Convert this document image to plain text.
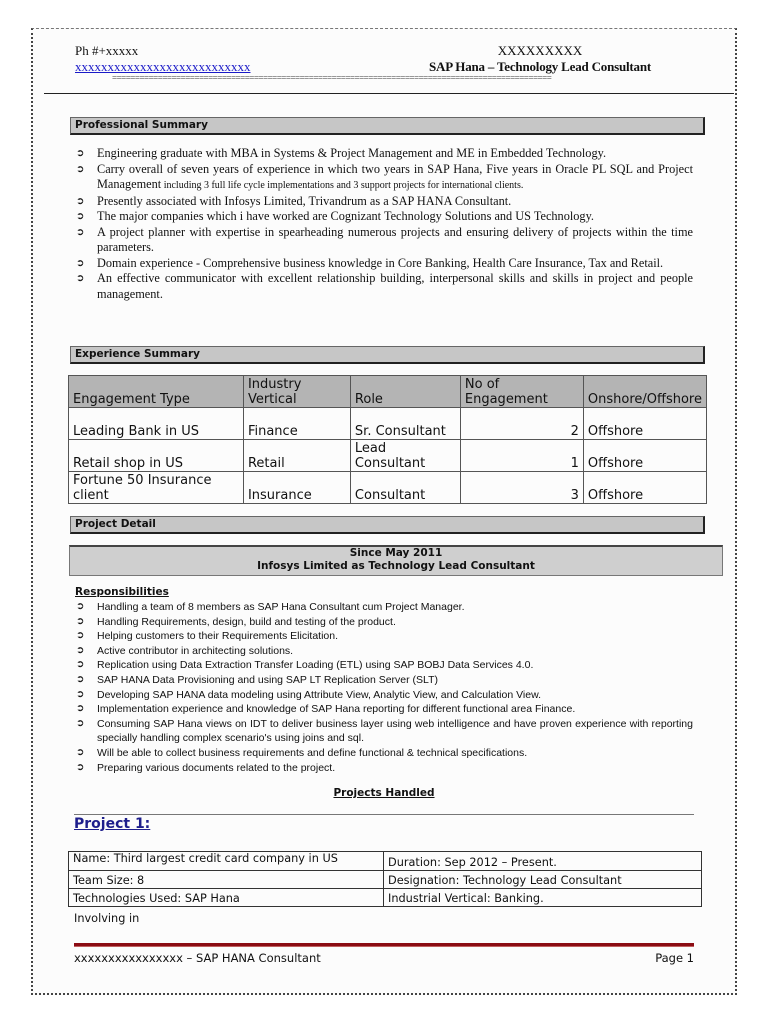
Ph #+xxxxx
xxxxxxxxxxxxxxxxxxxxxxxxxxx
XXXXXXXXX
SAP Hana – Technology Lead Consultant
================================================================================================
Professional Summary
➲ Engineering graduate with MBA in Systems & Project Management and ME in Embedded Technology.
➲ Carry overall of seven years of experience in which two years in SAP Hana, Five years in Oracle PL SQL and Project Management including 3 full life cycle implementations and 3 support projects for international clients.
➲ Presently associated with Infosys Limited, Trivandrum as a SAP HANA Consultant.
➲ The major companies which i have worked are Cognizant Technology Solutions and US Technology.
➲ A project planner with expertise in spearheading numerous projects and ensuring delivery of projects within the time parameters.
➲ Domain experience - Comprehensive business knowledge in Core Banking, Health Care Insurance, Tax and Retail.
➲ An effective communicator with excellent relationship building, interpersonal skills and skills in project and people management.
Experience Summary
Engagement Type	Industry Vertical	Role	No of Engagement	Onshore/Offshore
Leading Bank in US	Finance	Sr. Consultant	2	Offshore
Retail shop in US	Retail	Lead Consultant	1	Offshore
Fortune 50 Insurance client	Insurance	Consultant	3	Offshore
Project Detail
Since May 2011
Infosys Limited as Technology Lead Consultant
Responsibilities
➲ Handling a team of 8 members as SAP Hana Consultant cum Project Manager.
➲ Handling Requirements, design, build and testing of the product.
➲ Helping customers to their Requirements Elicitation.
➲ Active contributor in architecting solutions.
➲ Replication using Data Extraction Transfer Loading (ETL) using SAP BOBJ Data Services 4.0.
➲ SAP HANA Data Provisioning and using SAP LT Replication Server (SLT)
➲ Developing SAP HANA data modeling using Attribute View, Analytic View, and Calculation View.
➲ Implementation experience and knowledge of SAP Hana reporting for different functional area Finance.
➲ Consuming SAP Hana views on IDT to deliver business layer using web intelligence and have proven experience with reporting specially handling complex scenario's using joins and sql.
➲ Will be able to collect business requirements and define functional & technical specifications.
➲ Preparing various documents related to the project.
Projects Handled
Project 1:
Name: Third largest credit card company in US	Duration: Sep 2012 – Present.
Team Size: 8	Designation: Technology Lead Consultant
Technologies Used: SAP Hana	Industrial Vertical: Banking.
Involving in
xxxxxxxxxxxxxxxx – SAP HANA Consultant	Page 1
